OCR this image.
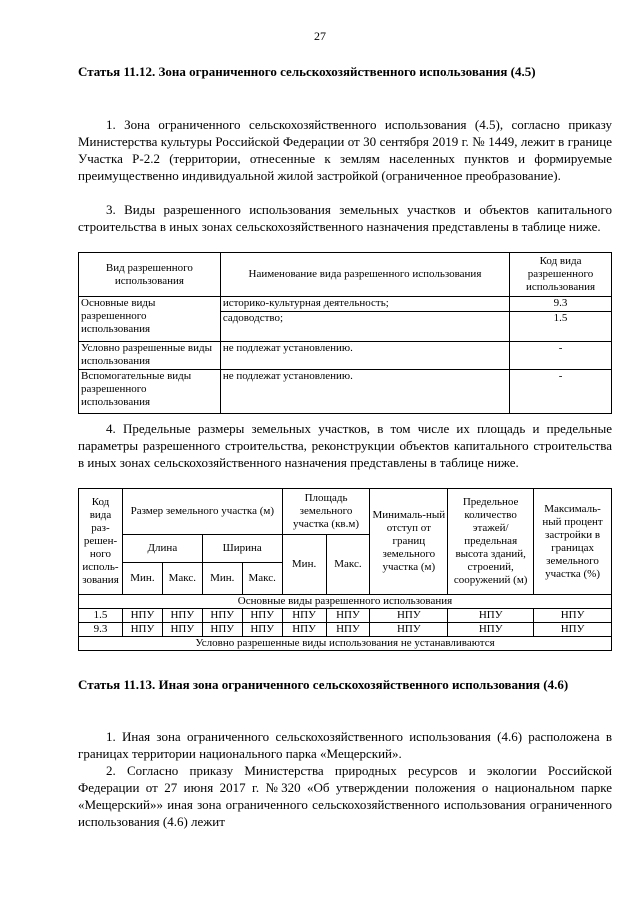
27
Статья 11.12. Зона ограниченного сельскохозяйственного использования (4.5)

1. Зона ограниченного сельскохозяйственного использования (4.5), согласно приказу Министерства культуры Российской Федерации от 30 сентября 2019 г. № 1449, лежит в границе Участка Р-2.2 (территории, отнесенные к землям населенных пунктов и формируемые преимущественно индивидуальной жилой застройкой (ограниченное преобразование).

3. Виды разрешенного использования земельных участков и объектов капитального строительства в иных зонах сельскохозяйственного назначения представлены в таблице ниже.

Вид разрешенного использования	Наименование вида разрешенного использования	Код вида разрешенного использования
Основные виды разрешенного использования	историко-культурная деятельность;	9.3
	садоводство;	1.5
Условно разрешенные виды использования	не подлежат установлению.	-
Вспомогательные виды разрешенного использования	не подлежат установлению.	-

4. Предельные размеры земельных участков, в том числе их площадь и предельные параметры разрешенного строительства, реконструкции объектов капитального строительства в иных зонах сельскохозяйственного назначения представлены в таблице ниже.

Код вида раз-решен-ного исполь-зования	Размер земельного участка (м)				Площадь земельного участка (кв.м)		Минималь-ный отступ от границ земельного участка (м)	Предельное количество этажей/ предельная высота зданий, строений, сооружений (м)	Максималь-ный процент застройки в границах земельного участка (%)
	Длина		Ширина		Мин.	Макс.			
	Мин.	Макс.	Мин.	Макс.					
Основные виды разрешенного использования									
1.5	НПУ	НПУ	НПУ	НПУ	НПУ	НПУ	НПУ	НПУ	НПУ
9.3	НПУ	НПУ	НПУ	НПУ	НПУ	НПУ	НПУ	НПУ	НПУ
Условно разрешенные виды использования не устанавливаются									
Статья 11.13. Иная зона ограниченного сельскохозяйственного использования (4.6)

1. Иная зона ограниченного сельскохозяйственного использования (4.6) расположена в границах территории национального парка «Мещерский».

2. Согласно приказу Министерства природных ресурсов и экологии Российской Федерации от 27 июня 2017 г. №320 «Об утверждении положения о национальном парке «Мещерский»» иная зона ограниченного сельскохозяйственного использования ограниченного использования (4.6) лежит
